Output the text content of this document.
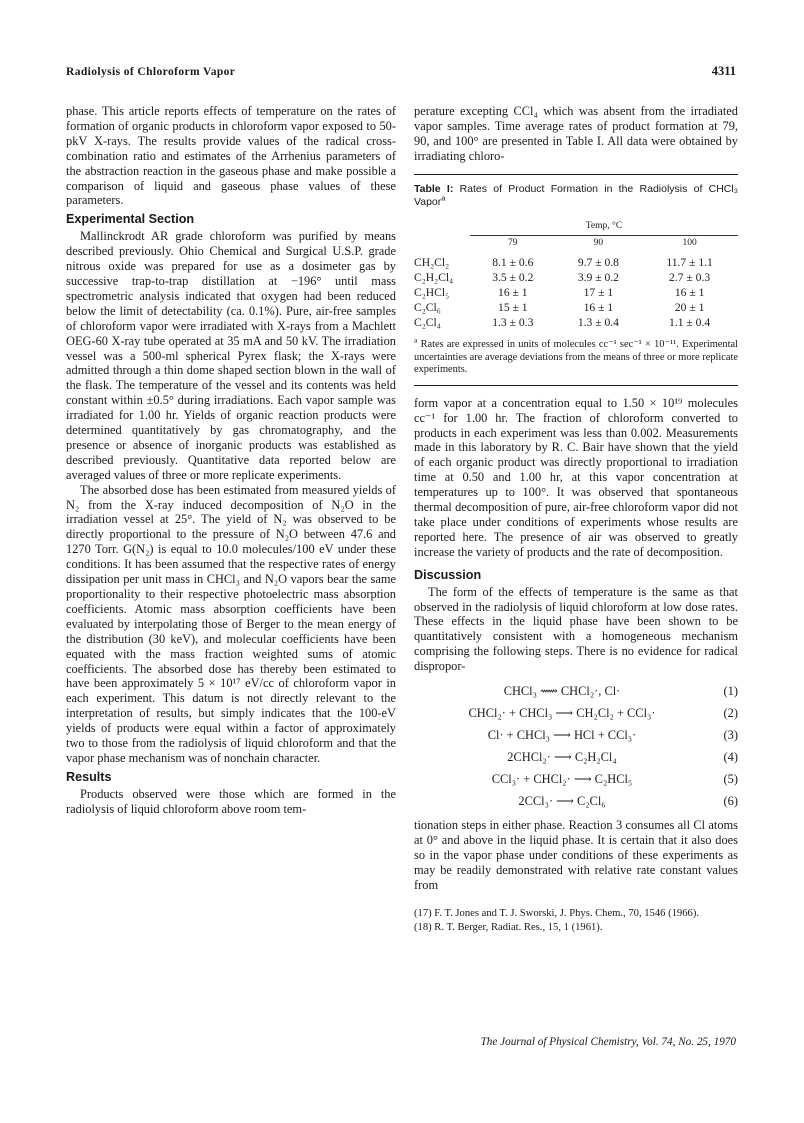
Radiolysis of Chloroform Vapor	4311

phase. This article reports effects of temperature on the rates of formation of organic products in chloroform vapor exposed to 50-pkV X-rays. The results provide values of the radical cross-combination ratio and estimates of the Arrhenius parameters of the abstraction reaction in the gaseous phase and make possible a comparison of liquid and gaseous phase values of these parameters.

Experimental Section

Mallinckrodt AR grade chloroform was purified by means described previously. Ohio Chemical and Surgical U.S.P. grade nitrous oxide was prepared for use as a dosimeter gas by successive trap-to-trap distillation at −196° until mass spectrometric analysis indicated that oxygen had been reduced below the limit of detectability (ca. 0.1%). Pure, air-free samples of chloroform vapor were irradiated with X-rays from a Machlett OEG-60 X-ray tube operated at 35 mA and 50 kV. The irradiation vessel was a 500-ml spherical Pyrex flask; the X-rays were admitted through a thin dome shaped section blown in the wall of the flask. The temperature of the vessel and its contents was held constant within ±0.5° during irradiations. Each vapor sample was irradiated for 1.00 hr. Yields of organic reaction products were determined quantitatively by gas chromatography, and the presence or absence of inorganic products was established as described previously. Quantitative data reported below are averaged values of three or more replicate experiments.

The absorbed dose has been estimated from measured yields of N₂ from the X-ray induced decomposition of N₂O in the irradiation vessel at 25°. The yield of N₂ was observed to be directly proportional to the pressure of N₂O between 47.6 and 1270 Torr. G(N₂) is equal to 10.0 molecules/100 eV under these conditions. It has been assumed that the respective rates of energy dissipation per unit mass in CHCl₃ and N₂O vapors bear the same proportionality to their respective photoelectric mass absorption coefficients. Atomic mass absorption coefficients have been evaluated by interpolating those of Berger to the mean energy of the distribution (30 keV), and molecular coefficients have been equated with the mass fraction weighted sums of atomic coefficients. The absorbed dose has thereby been estimated to have been approximately 5 × 10¹⁷ eV/cc of chloroform vapor in each experiment. This datum is not directly relevant to the interpretation of results, but simply indicates that the 100-eV yields of products were equal within a factor of approximately two to those from the radiolysis of liquid chloroform and that the vapor phase mechanism was of nonchain character.

Results

Products observed were those which are formed in the radiolysis of liquid chloroform above room tem-

perature excepting CCl₄ which was absent from the irradiated vapor samples. Time average rates of product formation at 79, 90, and 100° are presented in Table I. All data were obtained by irradiating chloro-

Table I: Rates of Product Formation in the Radiolysis of CHCl₃ Vapor$^a$

	Temp, °C		

	79	90	100

CH₂Cl₂	8.1 ± 0.6	9.7 ± 0.8	11.7 ± 1.1
C₂H₂Cl₄	3.5 ± 0.2	3.9 ± 0.2	2.7 ± 0.3
C₂HCl₅	16 ± 1	17 ± 1	16 ± 1
C₂Cl₆	15 ± 1	16 ± 1	20 ± 1
C₂Cl₄	1.3 ± 0.3	1.3 ± 0.4	1.1 ± 0.4
$^a$ Rates are expressed in units of molecules cc⁻¹ sec⁻¹ × 10⁻¹¹. Experimental uncertainties are average deviations from the means of three or more replicate experiments.

form vapor at a concentration equal to 1.50 × 10¹⁹ molecules cc⁻¹ for 1.00 hr. The fraction of chloroform converted to products in each experiment was less than 0.002. Measurements made in this laboratory by R. C. Bair have shown that the yield of each organic product was directly proportional to irradiation time at 0.50 and 1.00 hr, at this vapor concentration at temperatures up to 100°. It was observed that spontaneous thermal decomposition of pure, air-free chloroform vapor did not take place under conditions of experiments whose results are reported here. The presence of air was observed to greatly increase the variety of products and the rate of decomposition.

Discussion

The form of the effects of temperature is the same as that observed in the radiolysis of liquid chloroform at low dose rates. These effects in the liquid phase have been shown to be quantitatively consistent with a homogeneous mechanism comprising the following steps. There is no evidence for radical dispropor-

CHCl₃ ⟿ CHCl₂·, Cl·	(1)
CHCl₂· + CHCl₃ ⟶ CH₂Cl₂ + CCl₃·	(2)
Cl· + CHCl₃ ⟶ HCl + CCl₃·	(3)
2CHCl₂· ⟶ C₂H₂Cl₄	(4)
CCl₃· + CHCl₂· ⟶ C₂HCl₅	(5)
2CCl₃· ⟶ C₂Cl₆	(6)

tionation steps in either phase. Reaction 3 consumes all Cl atoms at 0° and above in the liquid phase. It is certain that it also does so in the vapor phase under conditions of these experiments as may be readily demonstrated with relative rate constant values from

(17) F. T. Jones and T. J. Sworski, J. Phys. Chem., 70, 1546 (1966).
(18) R. T. Berger, Radiat. Res., 15, 1 (1961).
The Journal of Physical Chemistry, Vol. 74, No. 25, 1970
